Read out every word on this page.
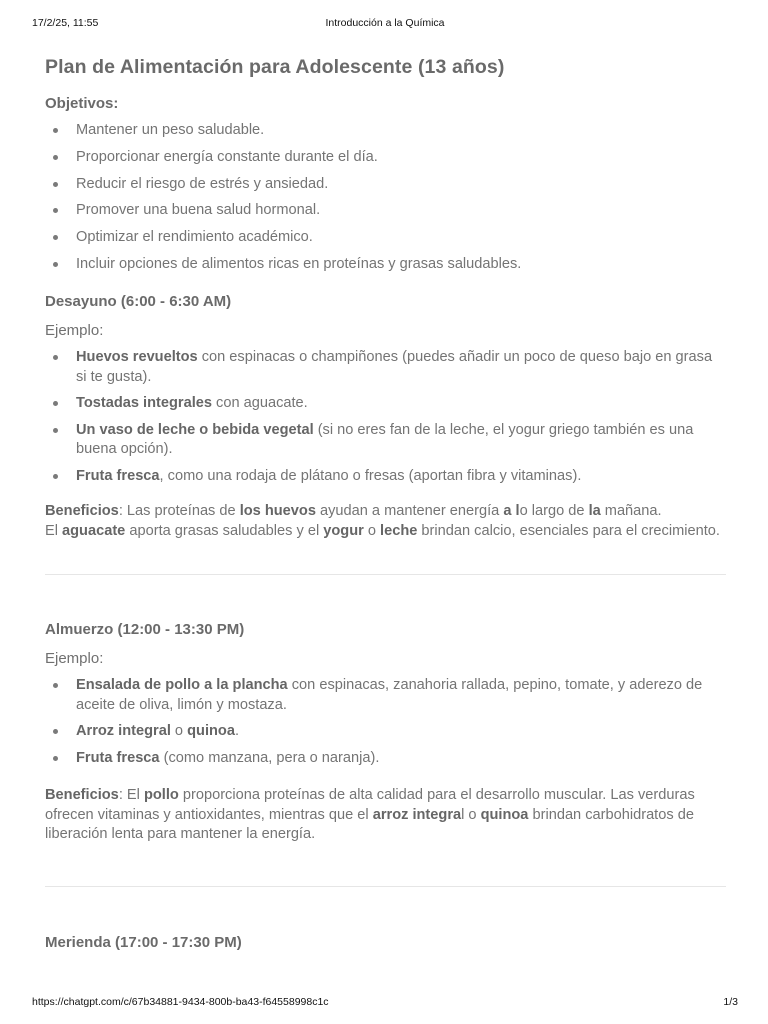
17/2/25, 11:55	Introducción a la Química
Plan de Alimentación para Adolescente (13 años)
Objetivos:
Mantener un peso saludable.
Proporcionar energía constante durante el día.
Reducir el riesgo de estrés y ansiedad.
Promover una buena salud hormonal.
Optimizar el rendimiento académico.
Incluir opciones de alimentos ricas en proteínas y grasas saludables.
Desayuno (6:00 - 6:30 AM)
Ejemplo:
Huevos revueltos con espinacas o champiñones (puedes añadir un poco de queso bajo en grasa si te gusta).
Tostadas integrales con aguacate.
Un vaso de leche o bebida vegetal (si no eres fan de la leche, el yogur griego también es una buena opción).
Fruta fresca, como una rodaja de plátano o fresas (aportan fibra y vitaminas).

Beneficios: Las proteínas de los huevos ayudan a mantener energía a lo largo de la mañana.
El aguacate aporta grasas saludables y el yogur o leche brindan calcio, esenciales para el crecimiento.

Almuerzo (12:00 - 13:30 PM)
Ejemplo:
Ensalada de pollo a la plancha con espinacas, zanahoria rallada, pepino, tomate, y aderezo de aceite de oliva, limón y mostaza.
Arroz integral o quinoa.
Fruta fresca (como manzana, pera o naranja).

Beneficios: El pollo proporciona proteínas de alta calidad para el desarrollo muscular. Las verduras ofrecen vitaminas y antioxidantes, mientras que el arroz integral o quinoa brindan carbohidratos de liberación lenta para mantener la energía.

Merienda (17:00 - 17:30 PM)
https://chatgpt.com/c/67b34881-9434-800b-ba43-f64558998c1c	1/3
